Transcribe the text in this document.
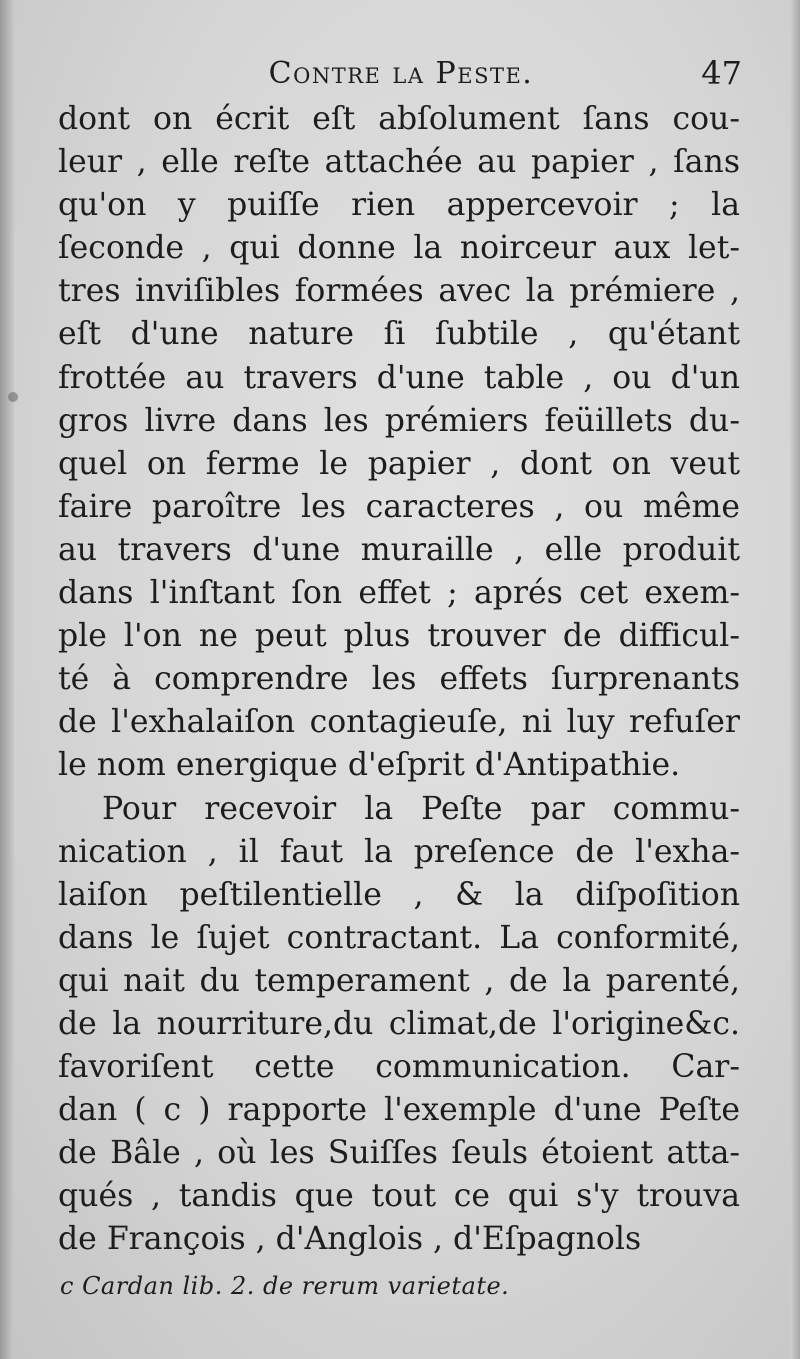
Contre la Peste.	47
dont on écrit eſt abſolument ſans cou-
leur , elle reſte attachée au papier , ſans
qu'on y puiſſe rien appercevoir ; la
ſeconde , qui donne la noirceur aux let-
tres inviſibles formées avec la prémiere ,
eſt d'une nature ſi ſubtile , qu'étant
frottée au travers d'une table , ou d'un
gros livre dans les prémiers feüillets du-
quel on ferme le papier , dont on veut
faire paroître les caracteres , ou même
au travers d'une muraille , elle produit
dans l'inſtant ſon effet ; aprés cet exem-
ple l'on ne peut plus trouver de difficul-
té à comprendre les effets ſurprenants
de l'exhalaiſon contagieuſe, ni luy refuſer
le nom energique d'eſprit d'Antipathie.
Pour recevoir la Peſte par commu-
nication , il faut la preſence de l'exha-
laiſon peſtilentielle , & la diſpoſition
dans le ſujet contractant. La conformité,
qui nait du temperament , de la parenté,
de la nourriture,du climat,de l'origine&c.
favoriſent cette communication. Car-
dan ( c ) rapporte l'exemple d'une Peſte
de Bâle , où les Suiſſes ſeuls étoient atta-
qués , tandis que tout ce qui s'y trouva
de François , d'Anglois , d'Eſpagnols
c Cardan lib. 2. de rerum varietate.
